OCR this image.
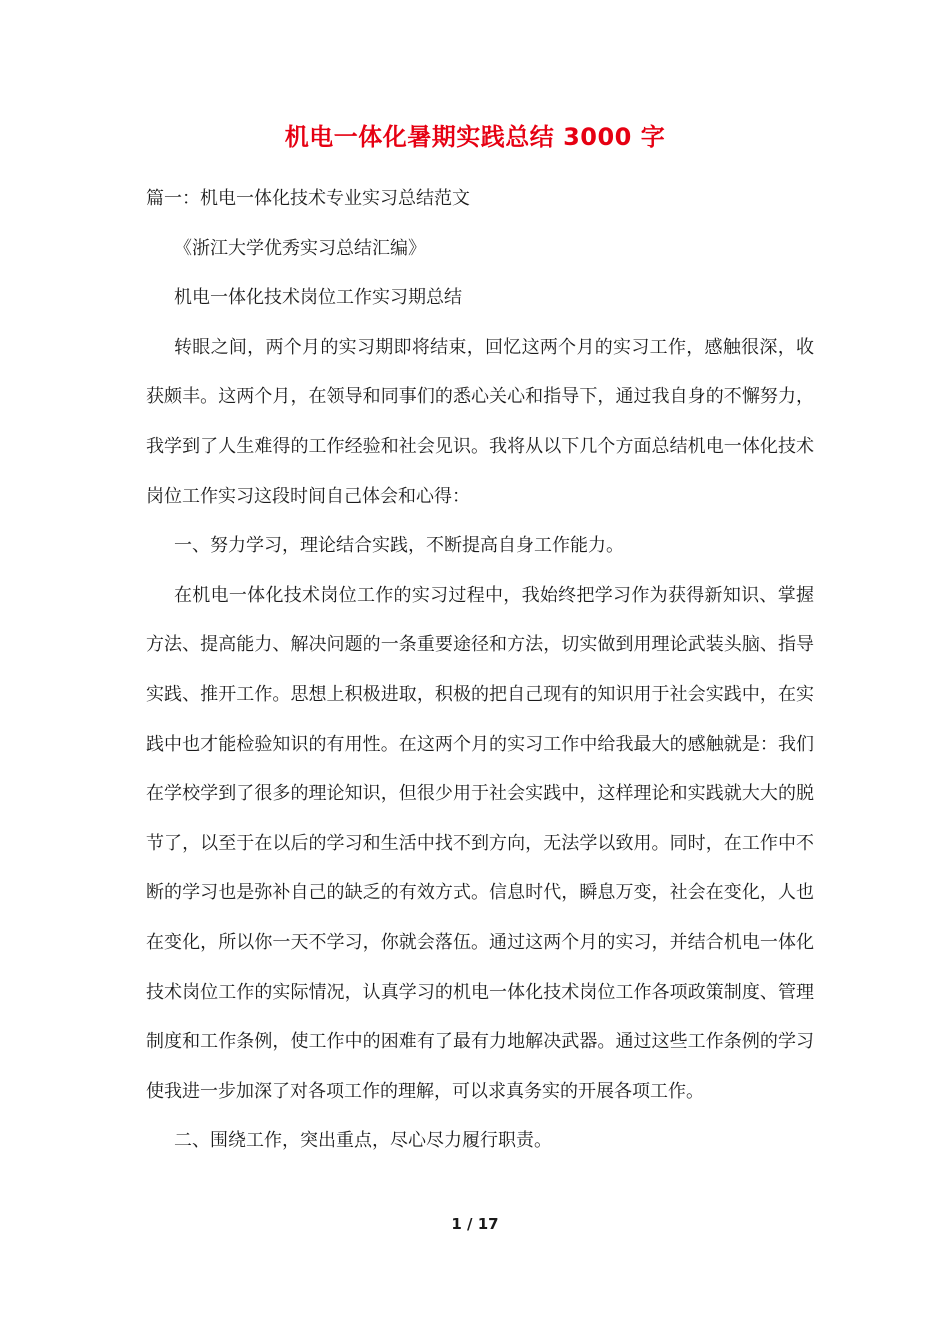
机电一体化暑期实践总结 3000 字

篇一：机电一体化技术专业实习总结范文

《浙江大学优秀实习总结汇编》

机电一体化技术岗位工作实习期总结

转眼之间，两个月的实习期即将结束，回忆这两个月的实习工作，感触很深，收获颇丰。这两个月，在领导和同事们的悉心关心和指导下，通过我自身的不懈努力，我学到了人生难得的工作经验和社会见识。我将从以下几个方面总结机电一体化技术岗位工作实习这段时间自己体会和心得：

一、努力学习，理论结合实践，不断提高自身工作能力。

在机电一体化技术岗位工作的实习过程中，我始终把学习作为获得新知识、掌握方法、提高能力、解决问题的一条重要途径和方法，切实做到用理论武装头脑、指导实践、推开工作。思想上积极进取，积极的把自己现有的知识用于社会实践中，在实践中也才能检验知识的有用性。在这两个月的实习工作中给我最大的感触就是：我们在学校学到了很多的理论知识，但很少用于社会实践中，这样理论和实践就大大的脱节了，以至于在以后的学习和生活中找不到方向，无法学以致用。同时，在工作中不断的学习也是弥补自己的缺乏的有效方式。信息时代，瞬息万变，社会在变化，人也在变化，所以你一天不学习，你就会落伍。通过这两个月的实习，并结合机电一体化技术岗位工作的实际情况，认真学习的机电一体化技术岗位工作各项政策制度、管理制度和工作条例，使工作中的困难有了最有力地解决武器。通过这些工作条例的学习使我进一步加深了对各项工作的理解，可以求真务实的开展各项工作。

二、围绕工作，突出重点，尽心尽力履行职责。

1 / 17
